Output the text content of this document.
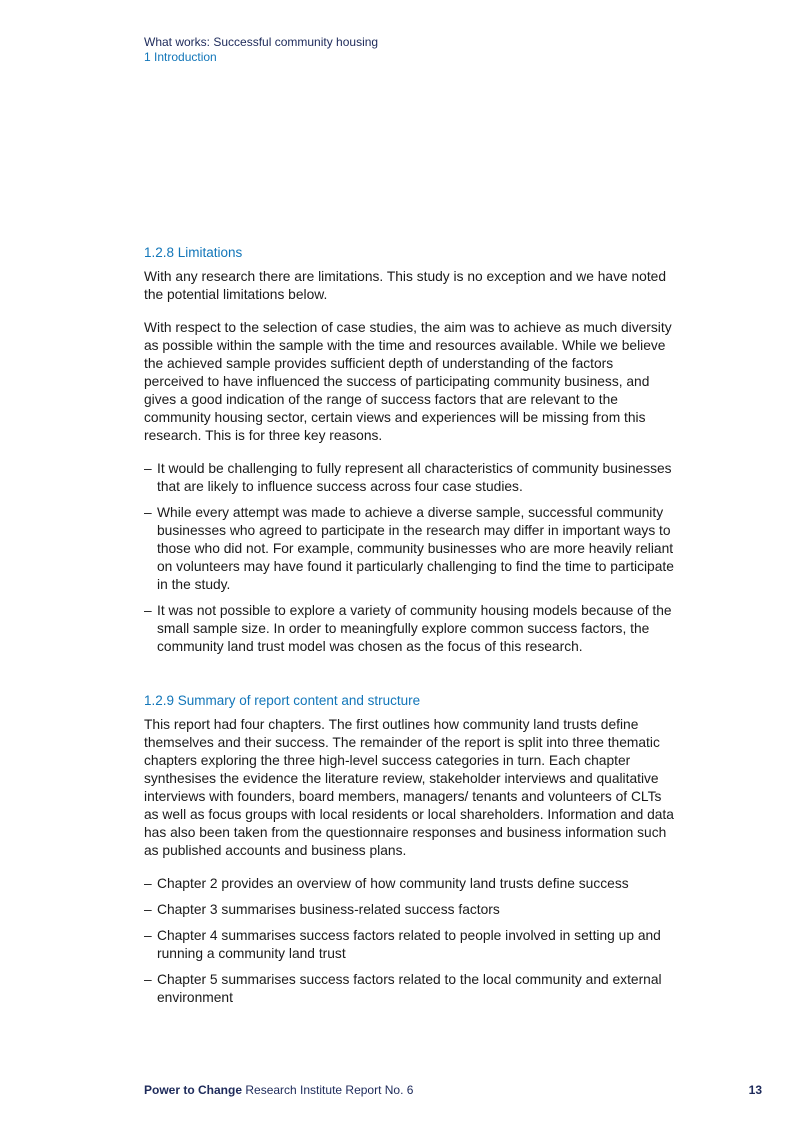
What works: Successful community housing
1 Introduction
1.2.8 Limitations

With any research there are limitations. This study is no exception and we have noted the potential limitations below.

With respect to the selection of case studies, the aim was to achieve as much diversity as possible within the sample with the time and resources available. While we believe the achieved sample provides sufficient depth of understanding of the factors perceived to have influenced the success of participating community business, and gives a good indication of the range of success factors that are relevant to the community housing sector, certain views and experiences will be missing from this research. This is for three key reasons.

– It would be challenging to fully represent all characteristics of community businesses that are likely to influence success across four case studies.
– While every attempt was made to achieve a diverse sample, successful community businesses who agreed to participate in the research may differ in important ways to those who did not. For example, community businesses who are more heavily reliant on volunteers may have found it particularly challenging to find the time to participate in the study.
– It was not possible to explore a variety of community housing models because of the small sample size. In order to meaningfully explore common success factors, the community land trust model was chosen as the focus of this research.
1.2.9 Summary of report content and structure

This report had four chapters. The first outlines how community land trusts define themselves and their success. The remainder of the report is split into three thematic chapters exploring the three high-level success categories in turn. Each chapter synthesises the evidence the literature review, stakeholder interviews and qualitative interviews with founders, board members, managers/ tenants and volunteers of CLTs as well as focus groups with local residents or local shareholders. Information and data has also been taken from the questionnaire responses and business information such as published accounts and business plans.

– Chapter 2 provides an overview of how community land trusts define success
– Chapter 3 summarises business-related success factors
– Chapter 4 summarises success factors related to people involved in setting up and running a community land trust
– Chapter 5 summarises success factors related to the local community and external environment
Power to Change Research Institute Report No. 6	13
